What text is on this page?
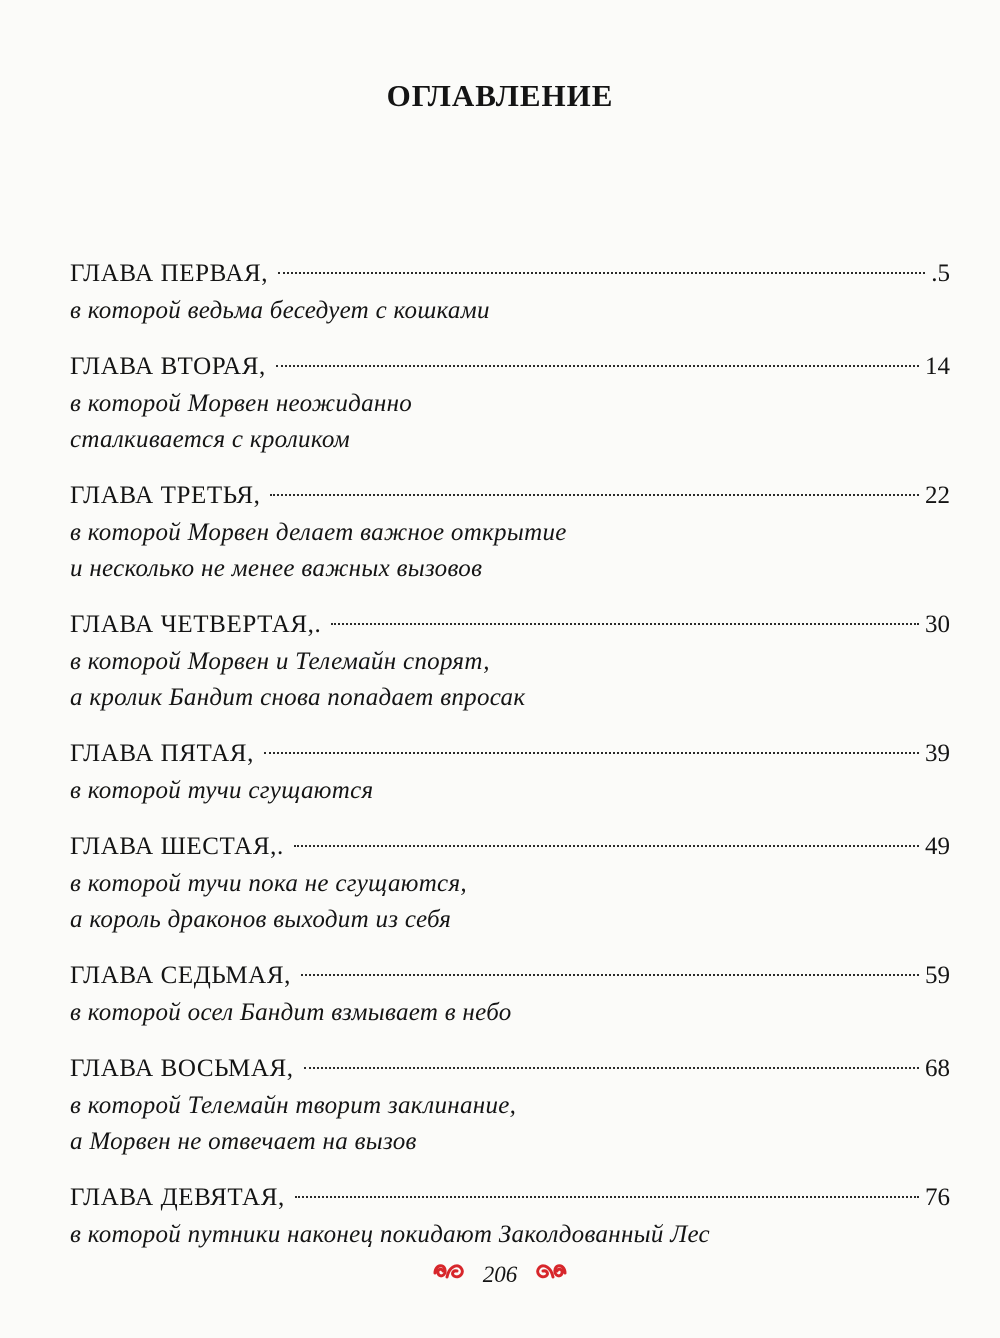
ОГЛАВЛЕНИЕ
ГЛАВА ПЕРВАЯ,	.5
в которой ведьма беседует с кошками
ГЛАВА ВТОРАЯ,	14
в которой Морвен неожиданно
сталкивается с кроликом
ГЛАВА ТРЕТЬЯ,	22
в которой Морвен делает важное открытие
и несколько не менее важных вызовов
ГЛАВА ЧЕТВЕРТАЯ,.	30
в которой Морвен и Телемайн спорят,
а кролик Бандит снова попадает впросак
ГЛАВА ПЯТАЯ,	39
в которой тучи сгущаются
ГЛАВА ШЕСТАЯ,.	49
в которой тучи пока не сгущаются,
а король драконов выходит из себя
ГЛАВА СЕДЬМАЯ,	59
в которой осел Бандит взмывает в небо
ГЛАВА ВОСЬМАЯ,	68
в которой Телемайн творит заклинание,
а Морвен не отвечает на вызов
ГЛАВА ДЕВЯТАЯ,	76
в которой путники наконец покидают Заколдованный Лес
206
